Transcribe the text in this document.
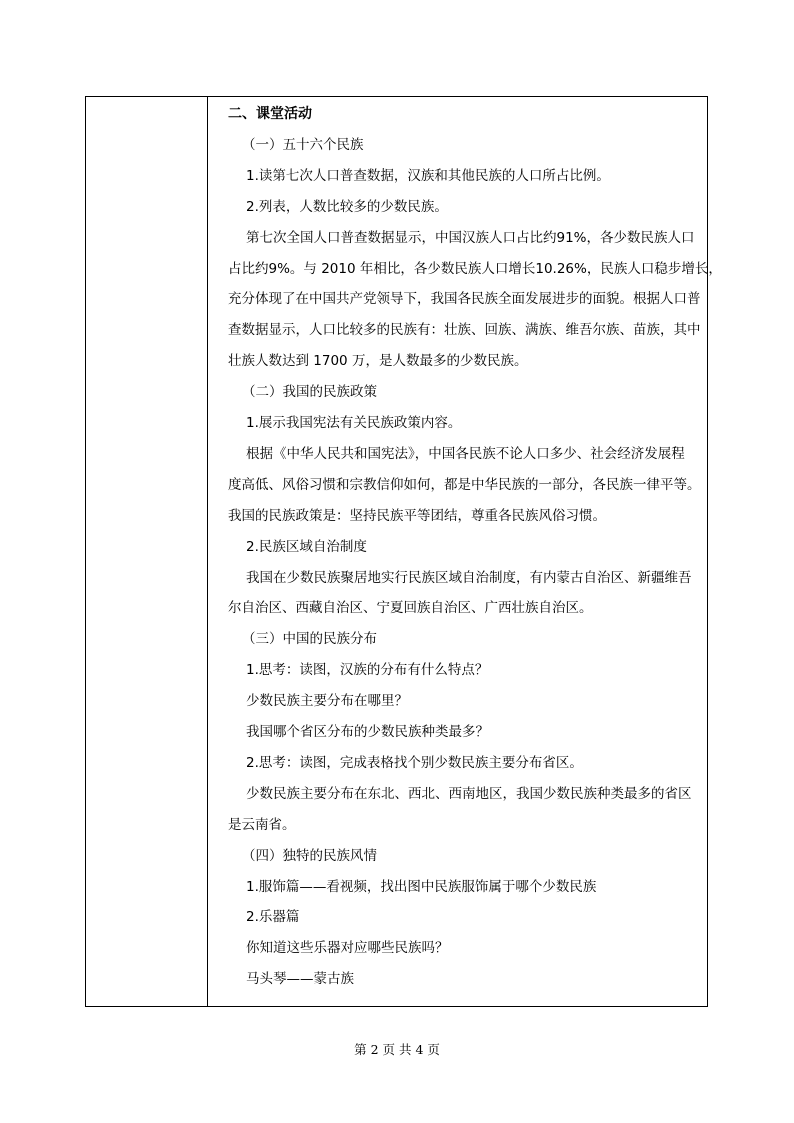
二、课堂活动
（一）五十六个民族
1.读第七次人口普查数据，汉族和其他民族的人口所占比例。
2.列表，人数比较多的少数民族。
第七次全国人口普查数据显示，中国汉族人口占比约91%，各少数民族人口
占比约9%。与 2010 年相比，各少数民族人口增长10.26%，民族人口稳步增长，
充分体现了在中国共产党领导下，我国各民族全面发展进步的面貌。根据人口普
查数据显示，人口比较多的民族有：壮族、回族、满族、维吾尔族、苗族，其中
壮族人数达到 1700 万，是人数最多的少数民族。
（二）我国的民族政策
1.展示我国宪法有关民族政策内容。
根据《中华人民共和国宪法》，中国各民族不论人口多少、社会经济发展程
度高低、风俗习惯和宗教信仰如何，都是中华民族的一部分，各民族一律平等。
我国的民族政策是：坚持民族平等团结，尊重各民族风俗习惯。
2.民族区域自治制度
我国在少数民族聚居地实行民族区域自治制度，有内蒙古自治区、新疆维吾
尔自治区、西藏自治区、宁夏回族自治区、广西壮族自治区。
（三）中国的民族分布
1.思考：读图，汉族的分布有什么特点？
少数民族主要分布在哪里？
我国哪个省区分布的少数民族种类最多？
2.思考：读图，完成表格找个别少数民族主要分布省区。
少数民族主要分布在东北、西北、西南地区，我国少数民族种类最多的省区
是云南省。
（四）独特的民族风情
1.服饰篇——看视频，找出图中民族服饰属于哪个少数民族
2.乐器篇
你知道这些乐器对应哪些民族吗？
马头琴——蒙古族
第 2 页 共 4 页
